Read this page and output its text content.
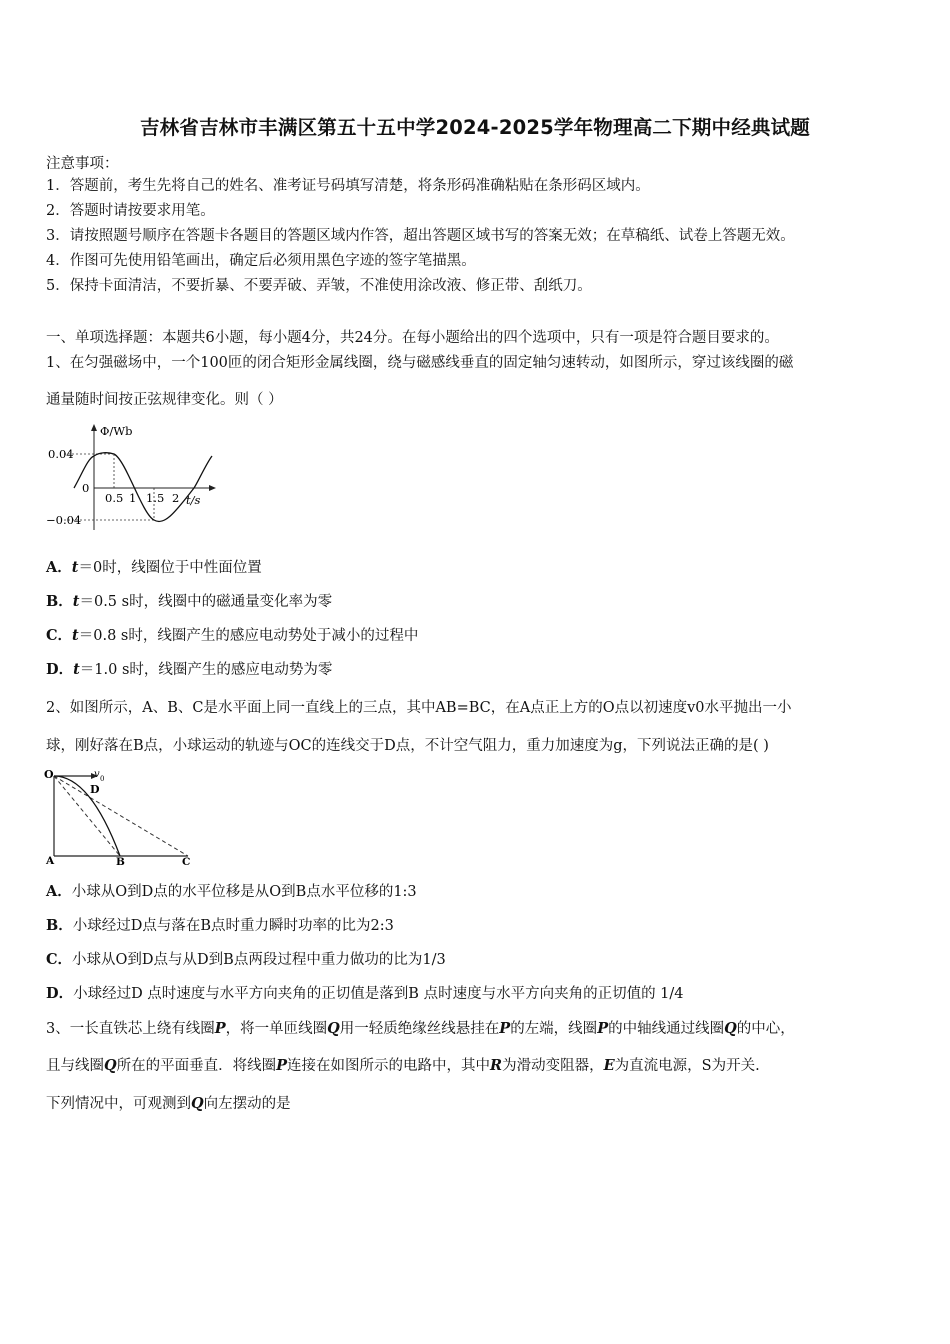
吉林省吉林市丰满区第五十五中学2024-2025学年物理高二下期中经典试题
注意事项：
1．答题前，考生先将自己的姓名、准考证号码填写清楚，将条形码准确粘贴在条形码区域内。
2．答题时请按要求用笔。
3．请按照题号顺序在答题卡各题目的答题区域内作答，超出答题区域书写的答案无效；在草稿纸、试卷上答题无效。
4．作图可先使用铅笔画出，确定后必须用黑色字迹的签字笔描黑。
5．保持卡面清洁，不要折暴、不要弄破、弄皱，不准使用涂改液、修正带、刮纸刀。
一、单项选择题：本题共6小题，每小题4分，共24分。在每小题给出的四个选项中，只有一项是符合题目要求的。
1、在匀强磁场中，一个100匝的闭合矩形金属线圈，绕与磁感线垂直的固定轴匀速转动，如图所示，穿过该线圈的磁
通量随时间按正弦规律变化。则（ ）
Φ/Wb
0.04
0
−0.04
0.5 1 1.5 2 t/s
A．t＝0时，线圈位于中性面位置
B．t＝0.5 s时，线圈中的磁通量变化率为零
C．t＝0.8 s时，线圈产生的感应电动势处于减小的过程中
D．t＝1.0 s时，线圈产生的感应电动势为零
2、如图所示，A、B、C是水平面上同一直线上的三点，其中AB=BC，在A点正上方的O点以初速度v0水平抛出一小
球，刚好落在B点，小球运动的轨迹与OC的连线交于D点，不计空气阻力，重力加速度为g，下列说法正确的是( )
O	v 0
D
A	B	C
A．小球从O到D点的水平位移是从O到B点水平位移的1:3
B．小球经过D点与落在B点时重力瞬时功率的比为2:3
C．小球从O到D点与从D到B点两段过程中重力做功的比为1/3
D．小球经过D 点时速度与水平方向夹角的正切值是落到B 点时速度与水平方向夹角的正切值的 1/4
3、一长直铁芯上绕有线圈P，将一单匝线圈Q用一轻质绝缘丝线悬挂在P的左端，线圈P的中轴线通过线圈Q的中心，
且与线圈Q所在的平面垂直．将线圈P连接在如图所示的电路中，其中R为滑动变阻器，E为直流电源，S为开关.
下列情况中，可观测到Q向左摆动的是
